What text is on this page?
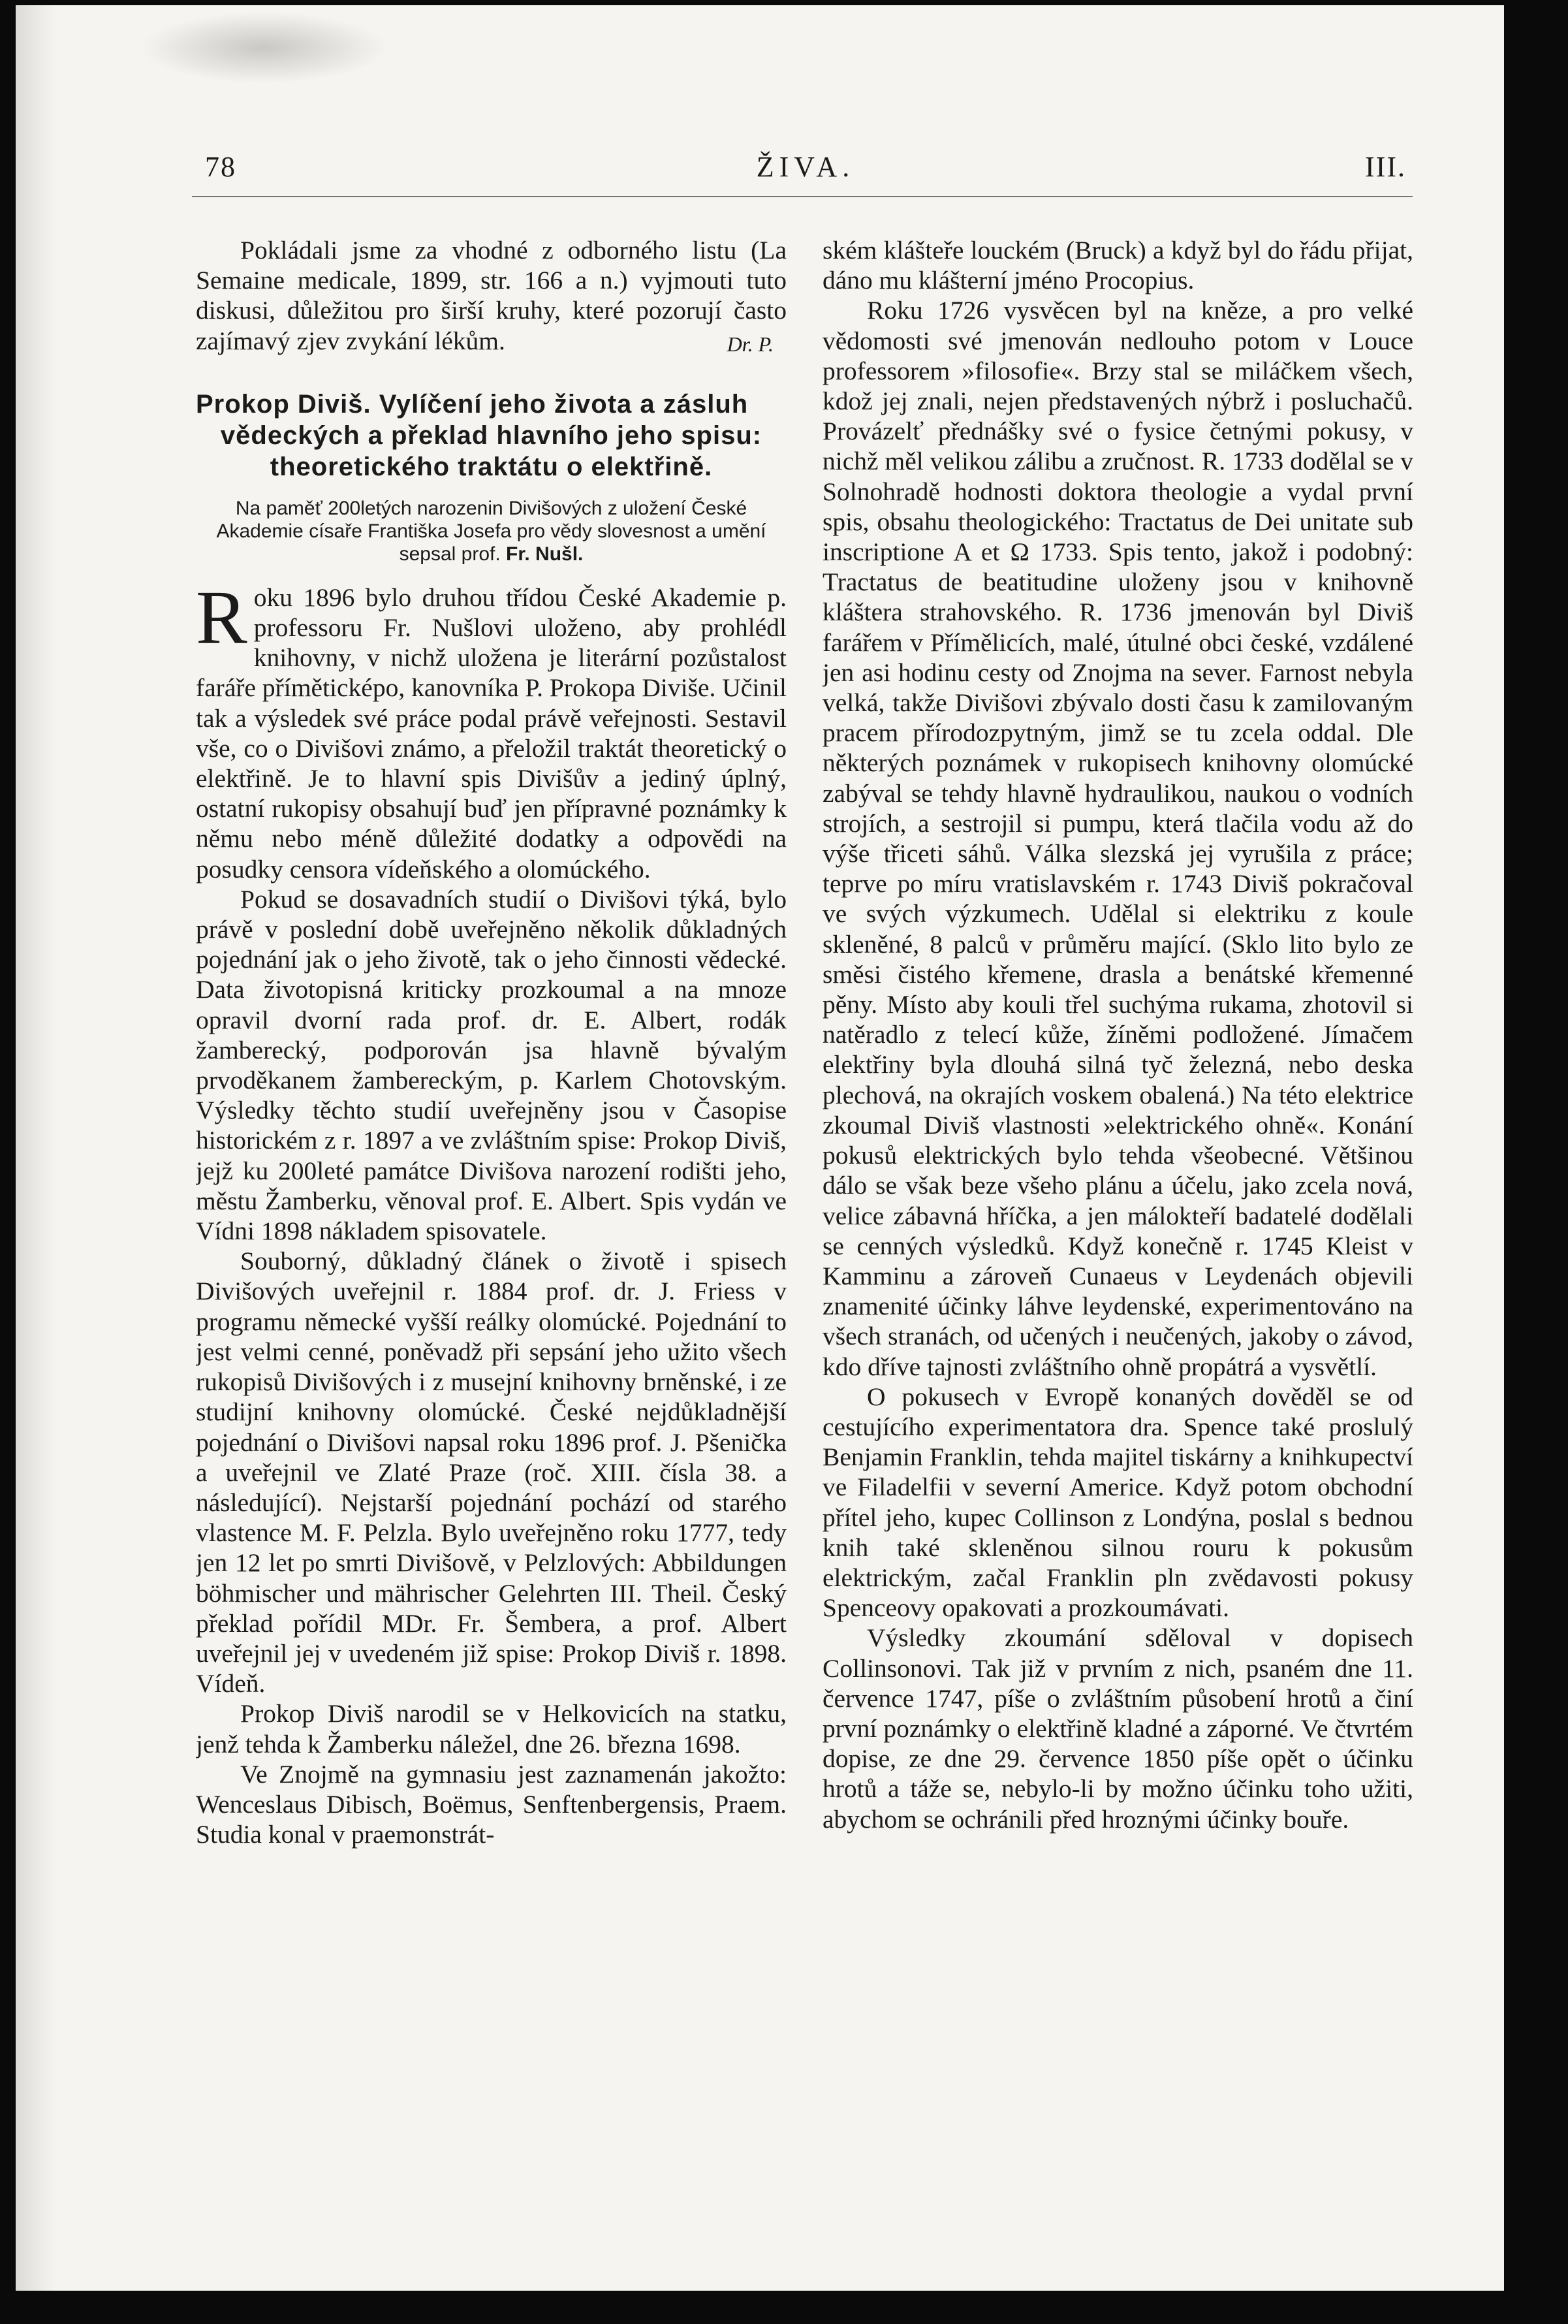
78	ŽIVA.	III.

Pokládali jsme za vhodné z odborného listu (La Semaine medicale, 1899, str. 166 a n.) vyjmouti tuto diskusi, důležitou pro širší kruhy, které pozorují často zajímavý zjev zvykání lékům.	Dr. P.
Prokop Diviš. Vylíčení jeho života a zásluh
vědeckých a překlad hlavního jeho spisu:
theoretického traktátu o elektřině.
Na paměť 200letých narozenin Divišových z uložení České Akademie císaře Františka Josefa pro vědy slovesnost a umění sepsal prof. Fr. Nušl.

Roku 1896 bylo druhou třídou České Akademie p. professoru Fr. Nušlovi uloženo, aby prohlédl knihovny, v nichž uložena je literární pozůstalost faráře příměticképo, kanovníka P. Prokopa Diviše. Učinil tak a výsledek své práce podal právě veřejnosti. Sestavil vše, co o Divišovi známo, a přeložil traktát theoretický o elektřině. Je to hlavní spis Divišův a jediný úplný, ostatní rukopisy obsahují buď jen přípravné poznámky k němu nebo méně důležité dodatky a odpovědi na posudky censora vídeňského a olomúckého.

Pokud se dosavadních studií o Divišovi týká, bylo právě v poslední době uveřejněno několik důkladných pojednání jak o jeho životě, tak o jeho činnosti vědecké. Data životopisná kriticky prozkoumal a na mnoze opravil dvorní rada prof. dr. E. Albert, rodák žamberecký, podporován jsa hlavně bývalým prvoděkanem žambereckým, p. Karlem Chotovským. Výsledky těchto studií uveřejněny jsou v Časopise historickém z r. 1897 a ve zvláštním spise: Prokop Diviš, jejž ku 200leté památce Divišova narození rodišti jeho, městu Žamberku, věnoval prof. E. Albert. Spis vydán ve Vídni 1898 nákladem spisovatele.

Souborný, důkladný článek o životě i spisech Divišových uveřejnil r. 1884 prof. dr. J. Friess v programu německé vyšší reálky olomúcké. Pojednání to jest velmi cenné, poněvadž při sepsání jeho užito všech rukopisů Divišových i z musejní knihovny brněnské, i ze studijní knihovny olomúcké. České nejdůkladnější pojednání o Divišovi napsal roku 1896 prof. J. Pšenička a uveřejnil ve Zlaté Praze (roč. XIII. čísla 38. a následující). Nejstarší pojednání pochází od starého vlastence M. F. Pelzla. Bylo uveřejněno roku 1777, tedy jen 12 let po smrti Divišově, v Pelzlových: Abbildungen böhmischer und mährischer Gelehrten III. Theil. Český překlad pořídil MDr. Fr. Šembera, a prof. Albert uveřejnil jej v uvedeném již spise: Prokop Diviš r. 1898. Vídeň.

Prokop Diviš narodil se v Helkovicích na statku, jenž tehda k Žamberku náležel, dne 26. března 1698.

Ve Znojmě na gymnasiu jest zaznamenán jakožto: Wenceslaus Dibisch, Boëmus, Senftenbergensis, Praem. Studia konal v praemonstrát-

ském klášteře louckém (Bruck) a když byl do řádu přijat, dáno mu klášterní jméno Procopius.

Roku 1726 vysvěcen byl na kněze, a pro velké vědomosti své jmenován nedlouho potom v Louce professorem »filosofie«. Brzy stal se miláčkem všech, kdož jej znali, nejen představených nýbrž i posluchačů. Provázelť přednášky své o fysice četnými pokusy, v nichž měl velikou zálibu a zručnost. R. 1733 dodělal se v Solnohradě hodnosti doktora theologie a vydal první spis, obsahu theologického: Tractatus de Dei unitate sub inscriptione A et Ω 1733. Spis tento, jakož i podobný: Tractatus de beatitudine uloženy jsou v knihovně kláštera strahovského. R. 1736 jmenován byl Diviš farářem v Přímělicích, malé, útulné obci české, vzdálené jen asi hodinu cesty od Znojma na sever. Farnost nebyla velká, takže Divišovi zbývalo dosti času k zamilovaným pracem přírodozpytným, jimž se tu zcela oddal. Dle některých poznámek v rukopisech knihovny olomúcké zabýval se tehdy hlavně hydraulikou, naukou o vodních strojích, a sestrojil si pumpu, která tlačila vodu až do výše třiceti sáhů. Válka slezská jej vyrušila z práce; teprve po míru vratislavském r. 1743 Diviš pokračoval ve svých výzkumech. Udělal si elektriku z koule skleněné, 8 palců v průměru mající. (Sklo lito bylo ze směsi čistého křemene, drasla a benátské křemenné pěny. Místo aby kouli třel suchýma rukama, zhotovil si natěradlo z telecí kůže, žíněmi podložené. Jímačem elektřiny byla dlouhá silná tyč železná, nebo deska plechová, na okrajích voskem obalená.) Na této elektrice zkoumal Diviš vlastnosti »elektrického ohně«. Konání pokusů elektrických bylo tehda všeobecné. Většinou dálo se však beze všeho plánu a účelu, jako zcela nová, velice zábavná hříčka, a jen málokteří badatelé dodělali se cenných výsledků. Když konečně r. 1745 Kleist v Kamminu a zároveň Cunaeus v Leydenách objevili znamenité účinky láhve leydenské, experimentováno na všech stranách, od učených i neučených, jakoby o závod, kdo dříve tajnosti zvláštního ohně propátrá a vysvětlí.

O pokusech v Evropě konaných dověděl se od cestujícího experimentatora dra. Spence také proslulý Benjamin Franklin, tehda majitel tiskárny a knihkupectví ve Filadelfii v severní Americe. Když potom obchodní přítel jeho, kupec Collinson z Londýna, poslal s bednou knih také skleněnou silnou rouru k pokusům elektrickým, začal Franklin pln zvědavosti pokusy Spenceovy opakovati a prozkoumávati.

Výsledky zkoumání sděloval v dopisech Collinsonovi. Tak již v prvním z nich, psaném dne 11. července 1747, píše o zvláštním působení hrotů a činí první poznámky o elektřině kladné a záporné. Ve čtvrtém dopise, ze dne 29. července 1850 píše opět o účinku hrotů a táže se, nebylo-li by možno účinku toho užiti, abychom se ochránili před hroznými účinky bouře.
